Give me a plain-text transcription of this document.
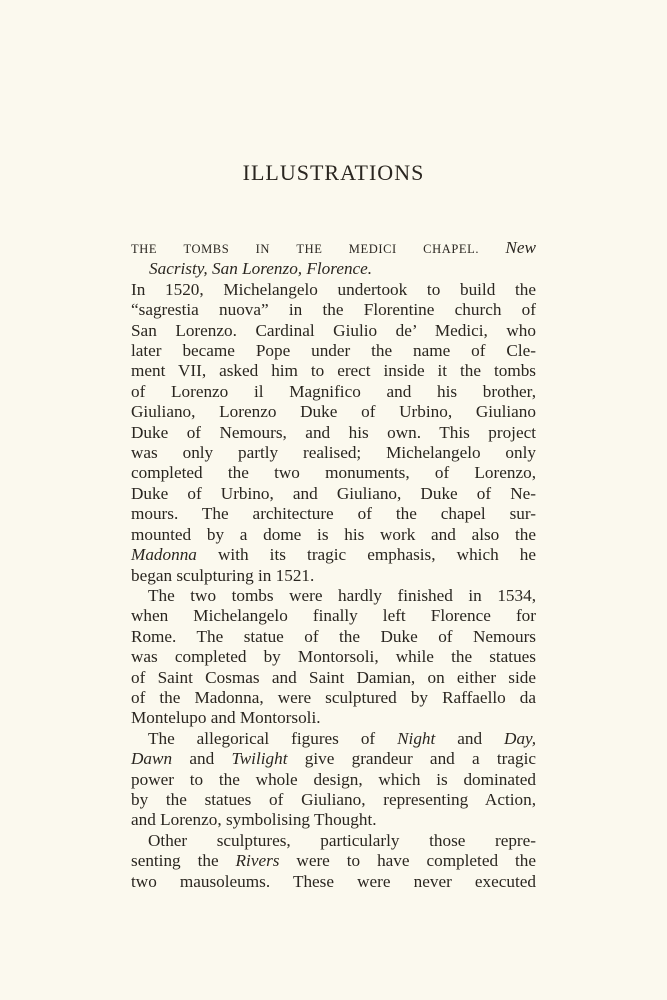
ILLUSTRATIONS
THE TOMBS IN THE MEDICI CHAPEL. New
Sacristy, San Lorenzo, Florence.
In 1520, Michelangelo undertook to build the
“sagrestia nuova” in the Florentine church of
San Lorenzo. Cardinal Giulio de’ Medici, who
later became Pope under the name of Cle-
ment VII, asked him to erect inside it the tombs
of Lorenzo il Magnifico and his brother,
Giuliano, Lorenzo Duke of Urbino, Giuliano
Duke of Nemours, and his own. This project
was only partly realised; Michelangelo only
completed the two monuments, of Lorenzo,
Duke of Urbino, and Giuliano, Duke of Ne-
mours. The architecture of the chapel sur-
mounted by a dome is his work and also the
Madonna with its tragic emphasis, which he
began sculpturing in 1521.
The two tombs were hardly finished in 1534,
when Michelangelo finally left Florence for
Rome. The statue of the Duke of Nemours
was completed by Montorsoli, while the statues
of Saint Cosmas and Saint Damian, on either side
of the Madonna, were sculptured by Raffaello da
Montelupo and Montorsoli.
The allegorical figures of Night and Day,
Dawn and Twilight give grandeur and a tragic
power to the whole design, which is dominated
by the statues of Giuliano, representing Action,
and Lorenzo, symbolising Thought.
Other sculptures, particularly those repre-
senting the Rivers were to have completed the
two mausoleums. These were never executed
